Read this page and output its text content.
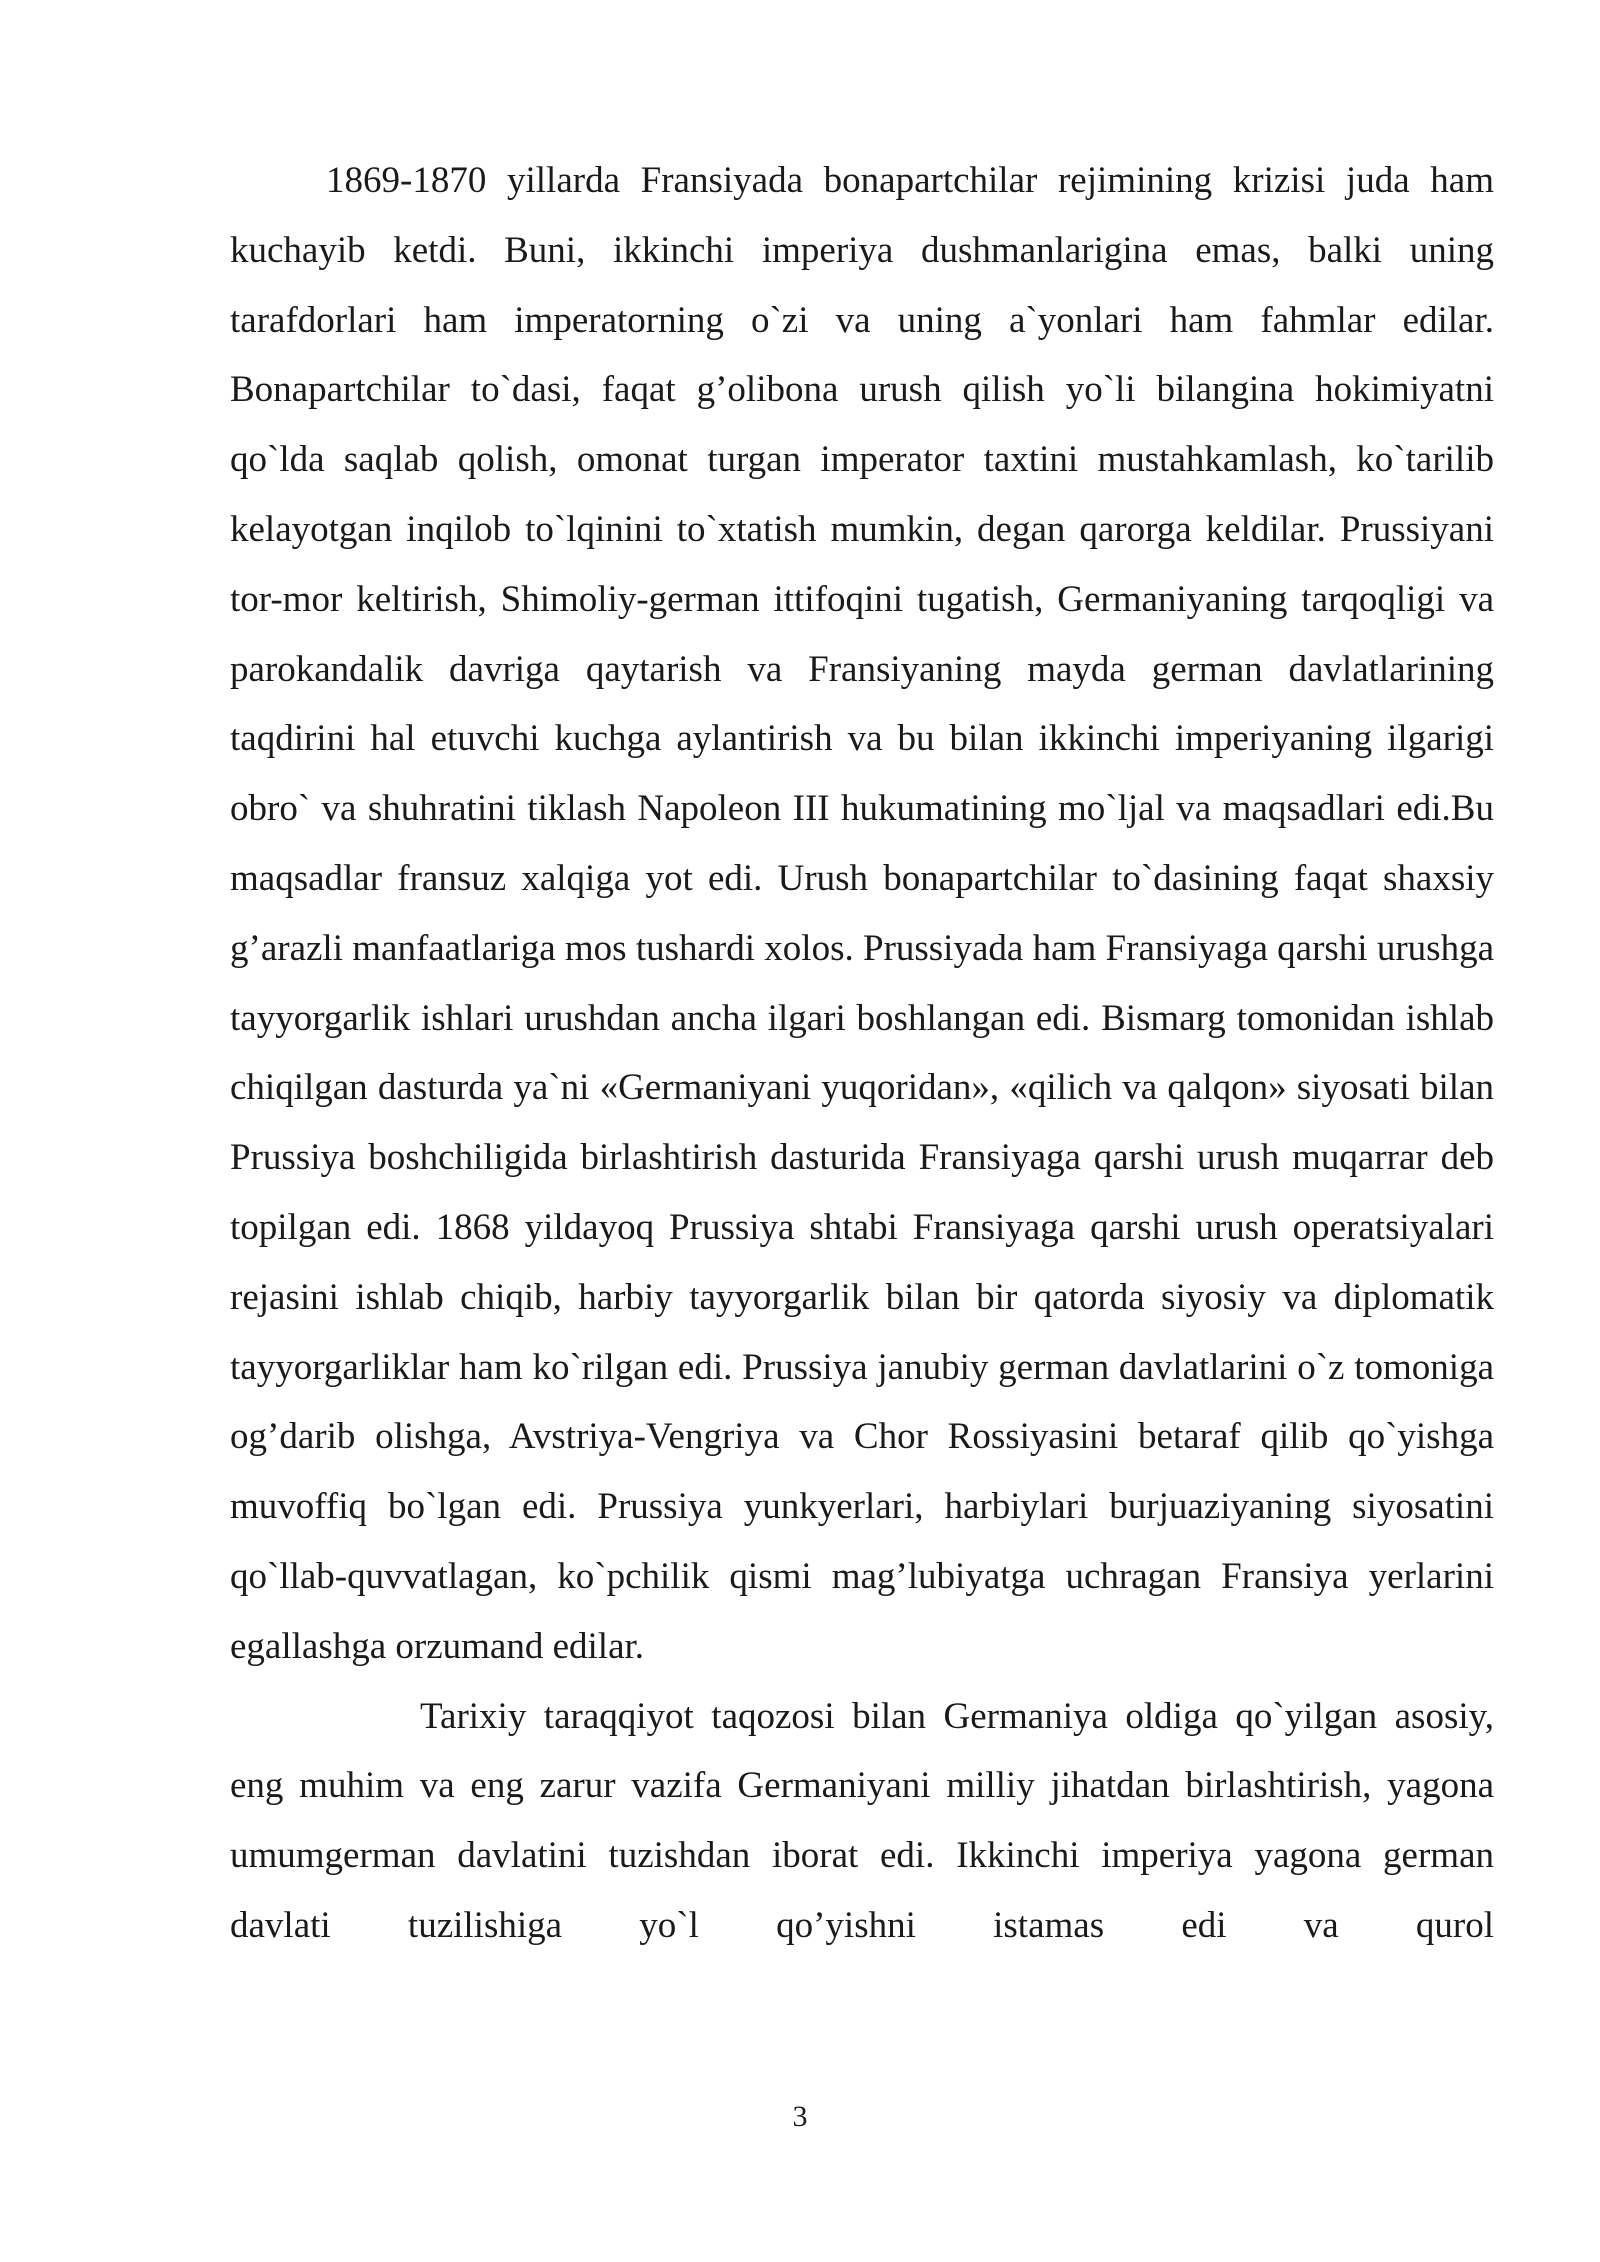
1869-1870 yillarda Fransiyada bonapartchilar rejimining krizisi juda ham kuchayib ketdi. Buni, ikkinchi imperiya dushmanlarigina emas, balki uning tarafdorlari ham imperatorning o`zi va uning a`yonlari ham fahmlar edilar. Bonapartchilar to`dasi, faqat g’olibona urush qilish yo`li bilangina hokimiyatni qo`lda saqlab qolish, omonat turgan imperator taxtini mustahkamlash, ko`tarilib kelayotgan inqilob to`lqinini to`xtatish mumkin, degan qarorga keldilar. Prussiyani tor-mor keltirish, Shimoliy-german ittifoqini tugatish, Germaniyaning tarqoqligi va parokandalik davriga qaytarish va Fransiyaning mayda german davlatlarining taqdirini hal etuvchi kuchga aylantirish va bu bilan ikkinchi imperiyaning ilgarigi obro` va shuhratini tiklash Napoleon III hukumatining mo`ljal va maqsadlari edi.Bu maqsadlar fransuz xalqiga yot edi. Urush bonapartchilar to`dasining faqat shaxsiy g’arazli manfaatlariga mos tushardi xolos. Prussiyada ham Fransiyaga qarshi urushga tayyorgarlik ishlari urushdan ancha ilgari boshlangan edi. Bismarg tomonidan ishlab chiqilgan dasturda ya`ni «Germaniyani yuqoridan», «qilich va qalqon» siyosati bilan Prussiya boshchiligida birlashtirish dasturida Fransiyaga qarshi urush muqarrar deb topilgan edi. 1868 yildayoq Prussiya shtabi Fransiyaga qarshi urush operatsiyalari rejasini ishlab chiqib, harbiy tayyorgarlik bilan bir qatorda siyosiy va diplomatik tayyorgarliklar ham ko`rilgan edi. Prussiya janubiy german davlatlarini o`z tomoniga og’darib olishga, Avstriya-Vengriya va Chor Rossiyasini betaraf qilib qo`yishga muvoffiq bo`lgan edi. Prussiya yunkyerlari, harbiylari burjuaziyaning siyosatini qo`llab-quvvatlagan, ko`pchilik qismi mag’lubiyatga uchragan Fransiya yerlarini egallashga orzumand edilar.

Tarixiy taraqqiyot taqozosi bilan Germaniya oldiga qo`yilgan asosiy, eng muhim va eng zarur vazifa Germaniyani milliy jihatdan birlashtirish, yagona umumgerman davlatini tuzishdan iborat edi. Ikkinchi imperiya yagona german davlati tuzilishiga yo`l qo’yishni istamas edi va qurol

3
